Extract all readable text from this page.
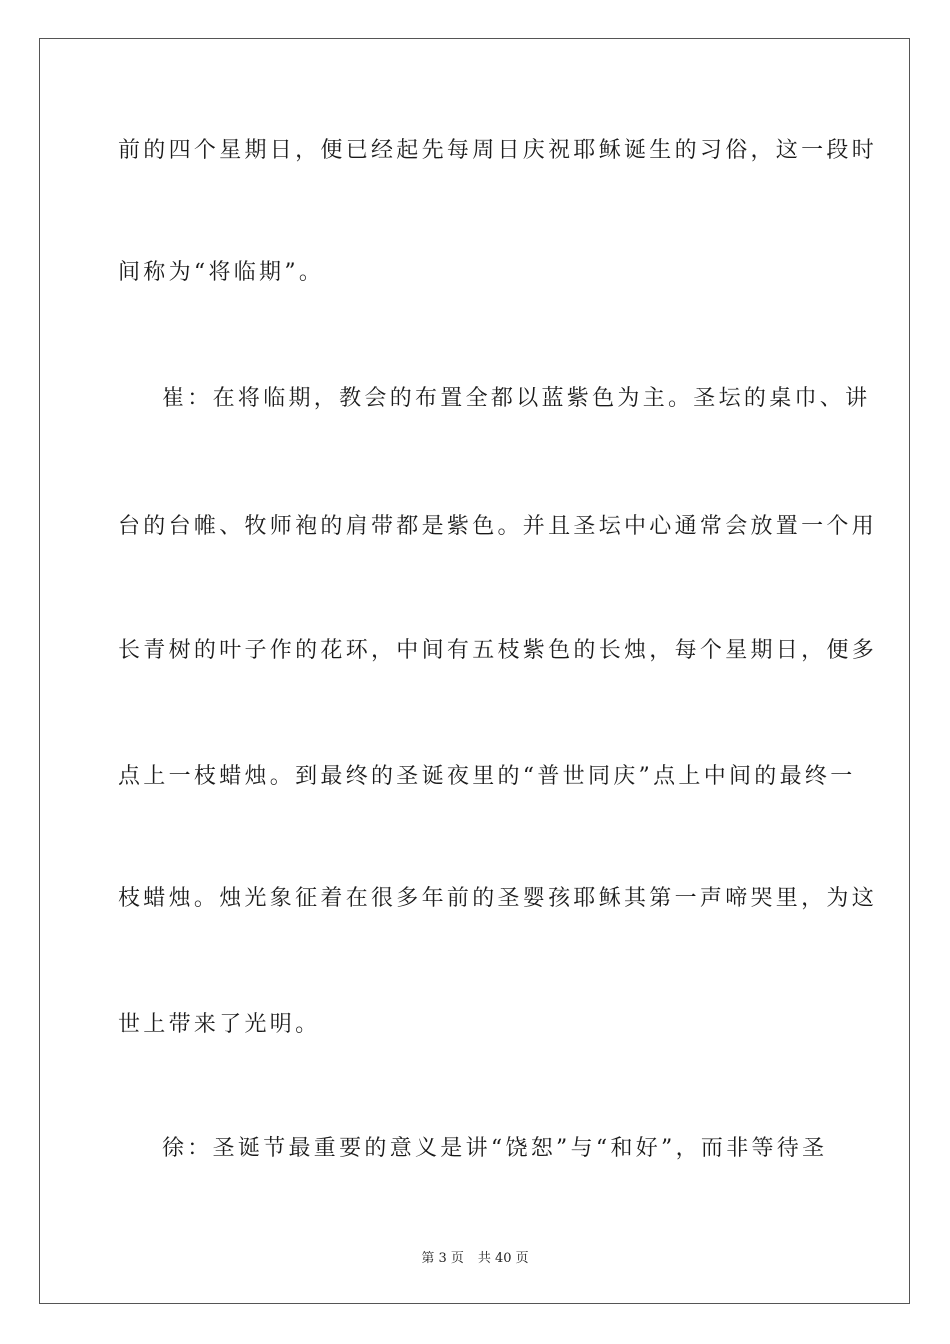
前的四个星期日，便已经起先每周日庆祝耶稣诞生的习俗，这一段时
间称为“将临期”。
崔：在将临期，教会的布置全都以蓝紫色为主。圣坛的桌巾、讲
台的台帷、牧师袍的肩带都是紫色。并且圣坛中心通常会放置一个用
长青树的叶子作的花环，中间有五枝紫色的长烛，每个星期日，便多
点上一枝蜡烛。到最终的圣诞夜里的“普世同庆”点上中间的最终一
枝蜡烛。烛光象征着在很多年前的圣婴孩耶稣其第一声啼哭里，为这
世上带来了光明。
徐：圣诞节最重要的意义是讲“饶恕”与“和好”，而非等待圣
第 3 页 共 40 页
